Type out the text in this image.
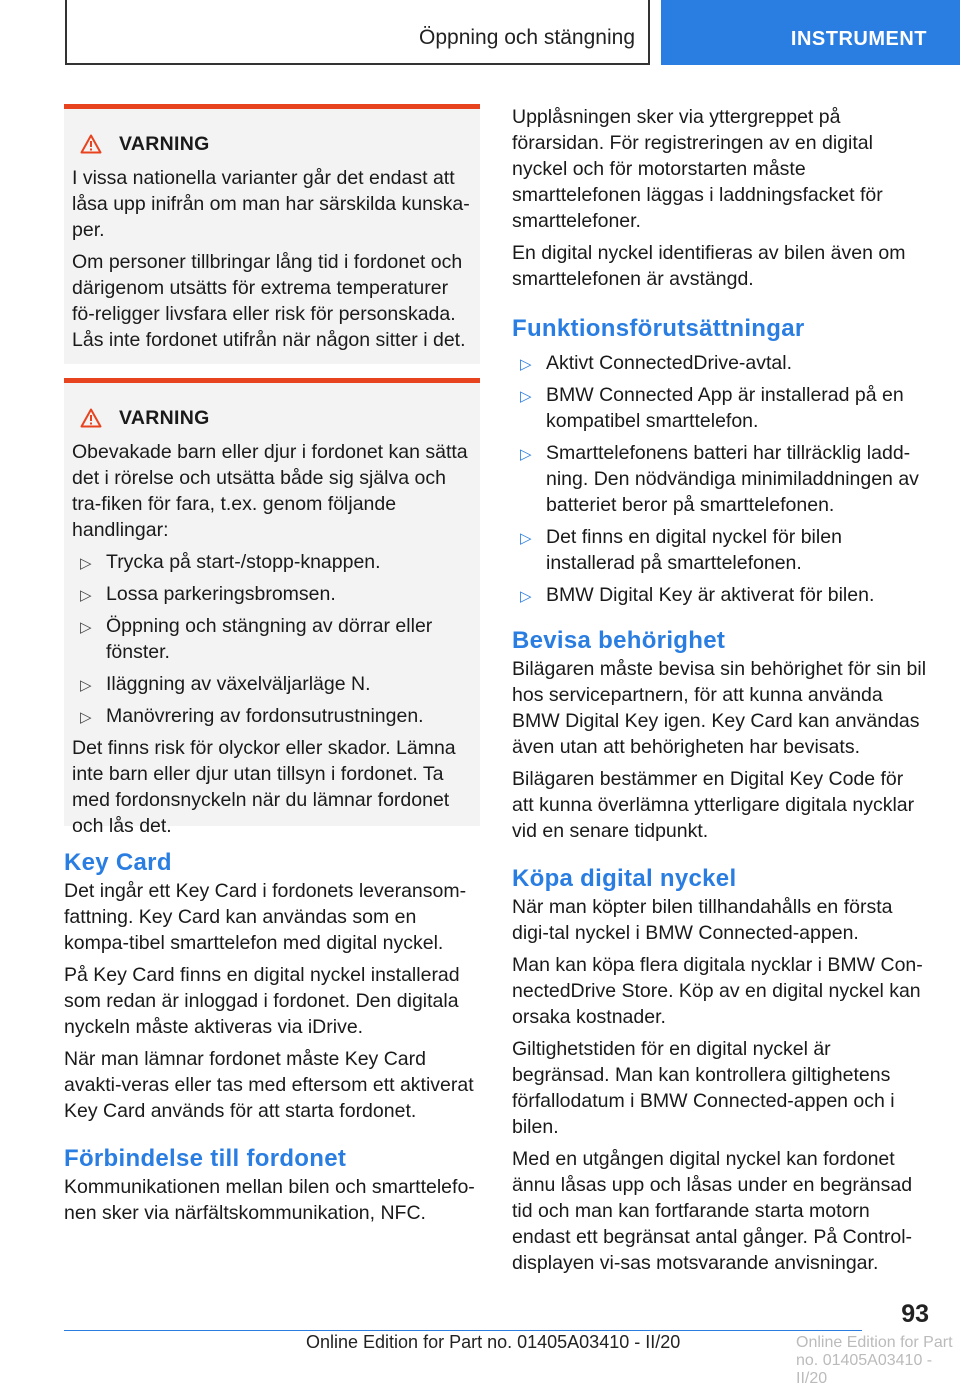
Öppning och stängning	INSTRUMENT
VARNING

I vissa nationella varianter går det endast att låsa upp inifrån om man har särskilda kunska‐per.

Om personer tillbringar lång tid i fordonet och därigenom utsätts för extrema temperaturer fö‐religger livsfara eller risk för personskada. Lås inte fordonet utifrån när någon sitter i det.

VARNING

Obevakade barn eller djur i fordonet kan sätta det i rörelse och utsätta både sig själva och tra‐fiken för fara, t.ex. genom följande handlingar:

▷ Trycka på start-/stopp-knappen.
▷ Lossa parkeringsbromsen.
▷ Öppning och stängning av dörrar eller fönster.
▷ Iläggning av växelväljarläge N.
▷ Manövrering av fordonsutrustningen.

Det finns risk för olyckor eller skador. Lämna inte barn eller djur utan tillsyn i fordonet. Ta med fordonsnyckeln när du lämnar fordonet och lås det.

Key Card

Det ingår ett Key Card i fordonets leveransom‐fattning. Key Card kan användas som en kompa‐tibel smarttelefon med digital nyckel.

På Key Card finns en digital nyckel installerad som redan är inloggad i fordonet. Den digitala nyckeln måste aktiveras via iDrive.

När man lämnar fordonet måste Key Card avakti‐veras eller tas med eftersom ett aktiverat Key Card används för att starta fordonet.

Förbindelse till fordonet

Kommunikationen mellan bilen och smarttelefo‐nen sker via närfältskommunikation, NFC.

Upplåsningen sker via yttergreppet på förarsidan. För registreringen av en digital nyckel och för motorstarten måste smarttelefonen läggas i laddningsfacket för smarttelefoner.

En digital nyckel identifieras av bilen även om smarttelefonen är avstängd.

Funktionsförutsättningar
▷ Aktivt ConnectedDrive-avtal.
▷ BMW Connected App är installerad på en kompatibel smarttelefon.
▷ Smarttelefonens batteri har tillräcklig ladd‐ning. Den nödvändiga minimiladdningen av batteriet beror på smarttelefonen.
▷ Det finns en digital nyckel för bilen installerad på smarttelefonen.
▷ BMW Digital Key är aktiverat för bilen.
Bevisa behörighet

Bilägaren måste bevisa sin behörighet för sin bil hos servicepartnern, för att kunna använda BMW Digital Key igen. Key Card kan användas även utan att behörigheten har bevisats.

Bilägaren bestämmer en Digital Key Code för att kunna överlämna ytterligare digitala nycklar vid en senare tidpunkt.

Köpa digital nyckel

När man köpter bilen tillhandahålls en första digi‐tal nyckel i BMW Connected-appen.

Man kan köpa flera digitala nycklar i BMW Con‐nectedDrive Store. Köp av en digital nyckel kan orsaka kostnader.

Giltighetstiden för en digital nyckel är begränsad. Man kan kontrollera giltighetens förfallodatum i BMW Connected-appen och i bilen.

Med en utgången digital nyckel kan fordonet ännu låsas upp och låsas under en begränsad tid och man kan fortfarande starta motorn endast ett begränsat antal gånger. På Control-displayen vi‐sas motsvarande anvisningar.

93
Online Edition for Part no. 01405A03410 - II/20	Online Edition for Part no. 01405A03410 - II/20
